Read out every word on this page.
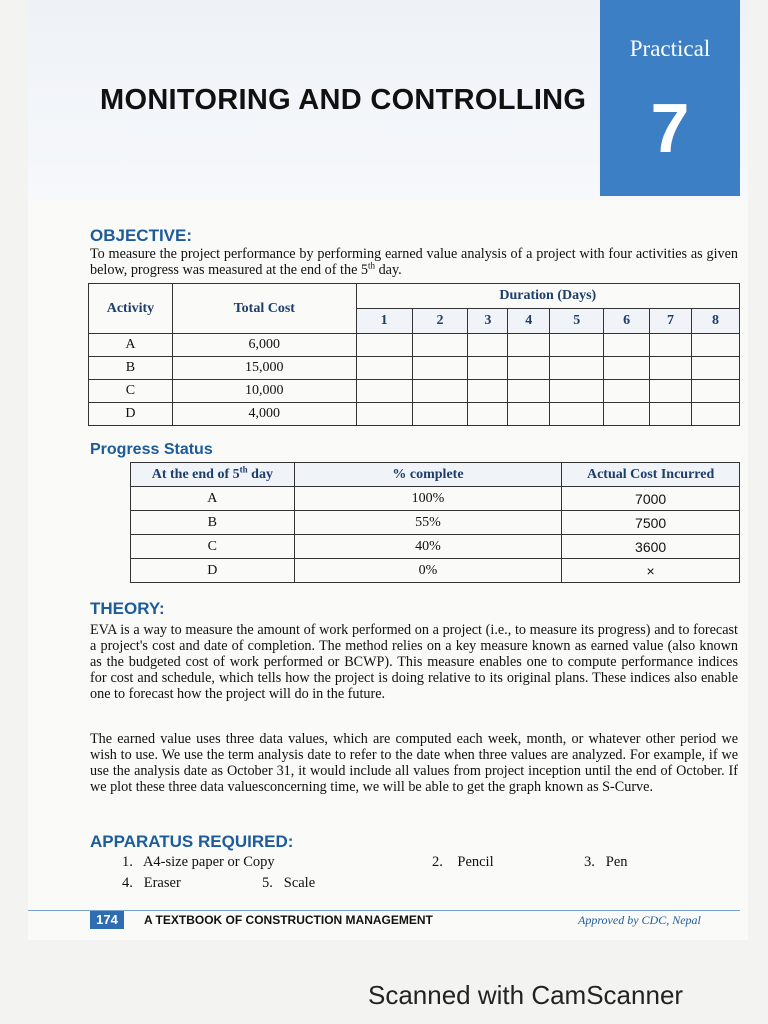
Practical
7
MONITORING AND CONTROLLING
OBJECTIVE:
To measure the project performance by performing earned value analysis of a project with four activities as given below, progress was measured at the end of the 5th day.
Activity	Total Cost	Duration (Days)							
		1	2	3	4	5	6	7	8
A	6,000								
B	15,000								
C	10,000								
D	4,000								
Progress Status
At the end of 5th day	% complete	Actual Cost Incurred
A	100%	7000
B	55%	7500
C	40%	3600
D	0%	×
THEORY:
EVA is a way to measure the amount of work performed on a project (i.e., to measure its progress) and to forecast a project's cost and date of completion. The method relies on a key measure known as earned value (also known as the budgeted cost of work performed or BCWP). This measure enables one to compute performance indices for cost and schedule, which tells how the project is doing relative to its original plans. These indices also enable one to forecast how the project will do in the future.
The earned value uses three data values, which are computed each week, month, or whatever other period we wish to use. We use the term analysis date to refer to the date when three values are analyzed. For example, if we use the analysis date as October 31, it would include all values from project inception until the end of October. If we plot these three data valuesconcerning time, we will be able to get the graph known as S-Curve.
APPARATUS REQUIRED:
1. A4-size paper or Copy	2. Pencil	3. Pen
4. Eraser	5. Scale
174	A TEXTBOOK OF CONSTRUCTION MANAGEMENT	Approved by CDC, Nepal
Scanned with CamScanner
